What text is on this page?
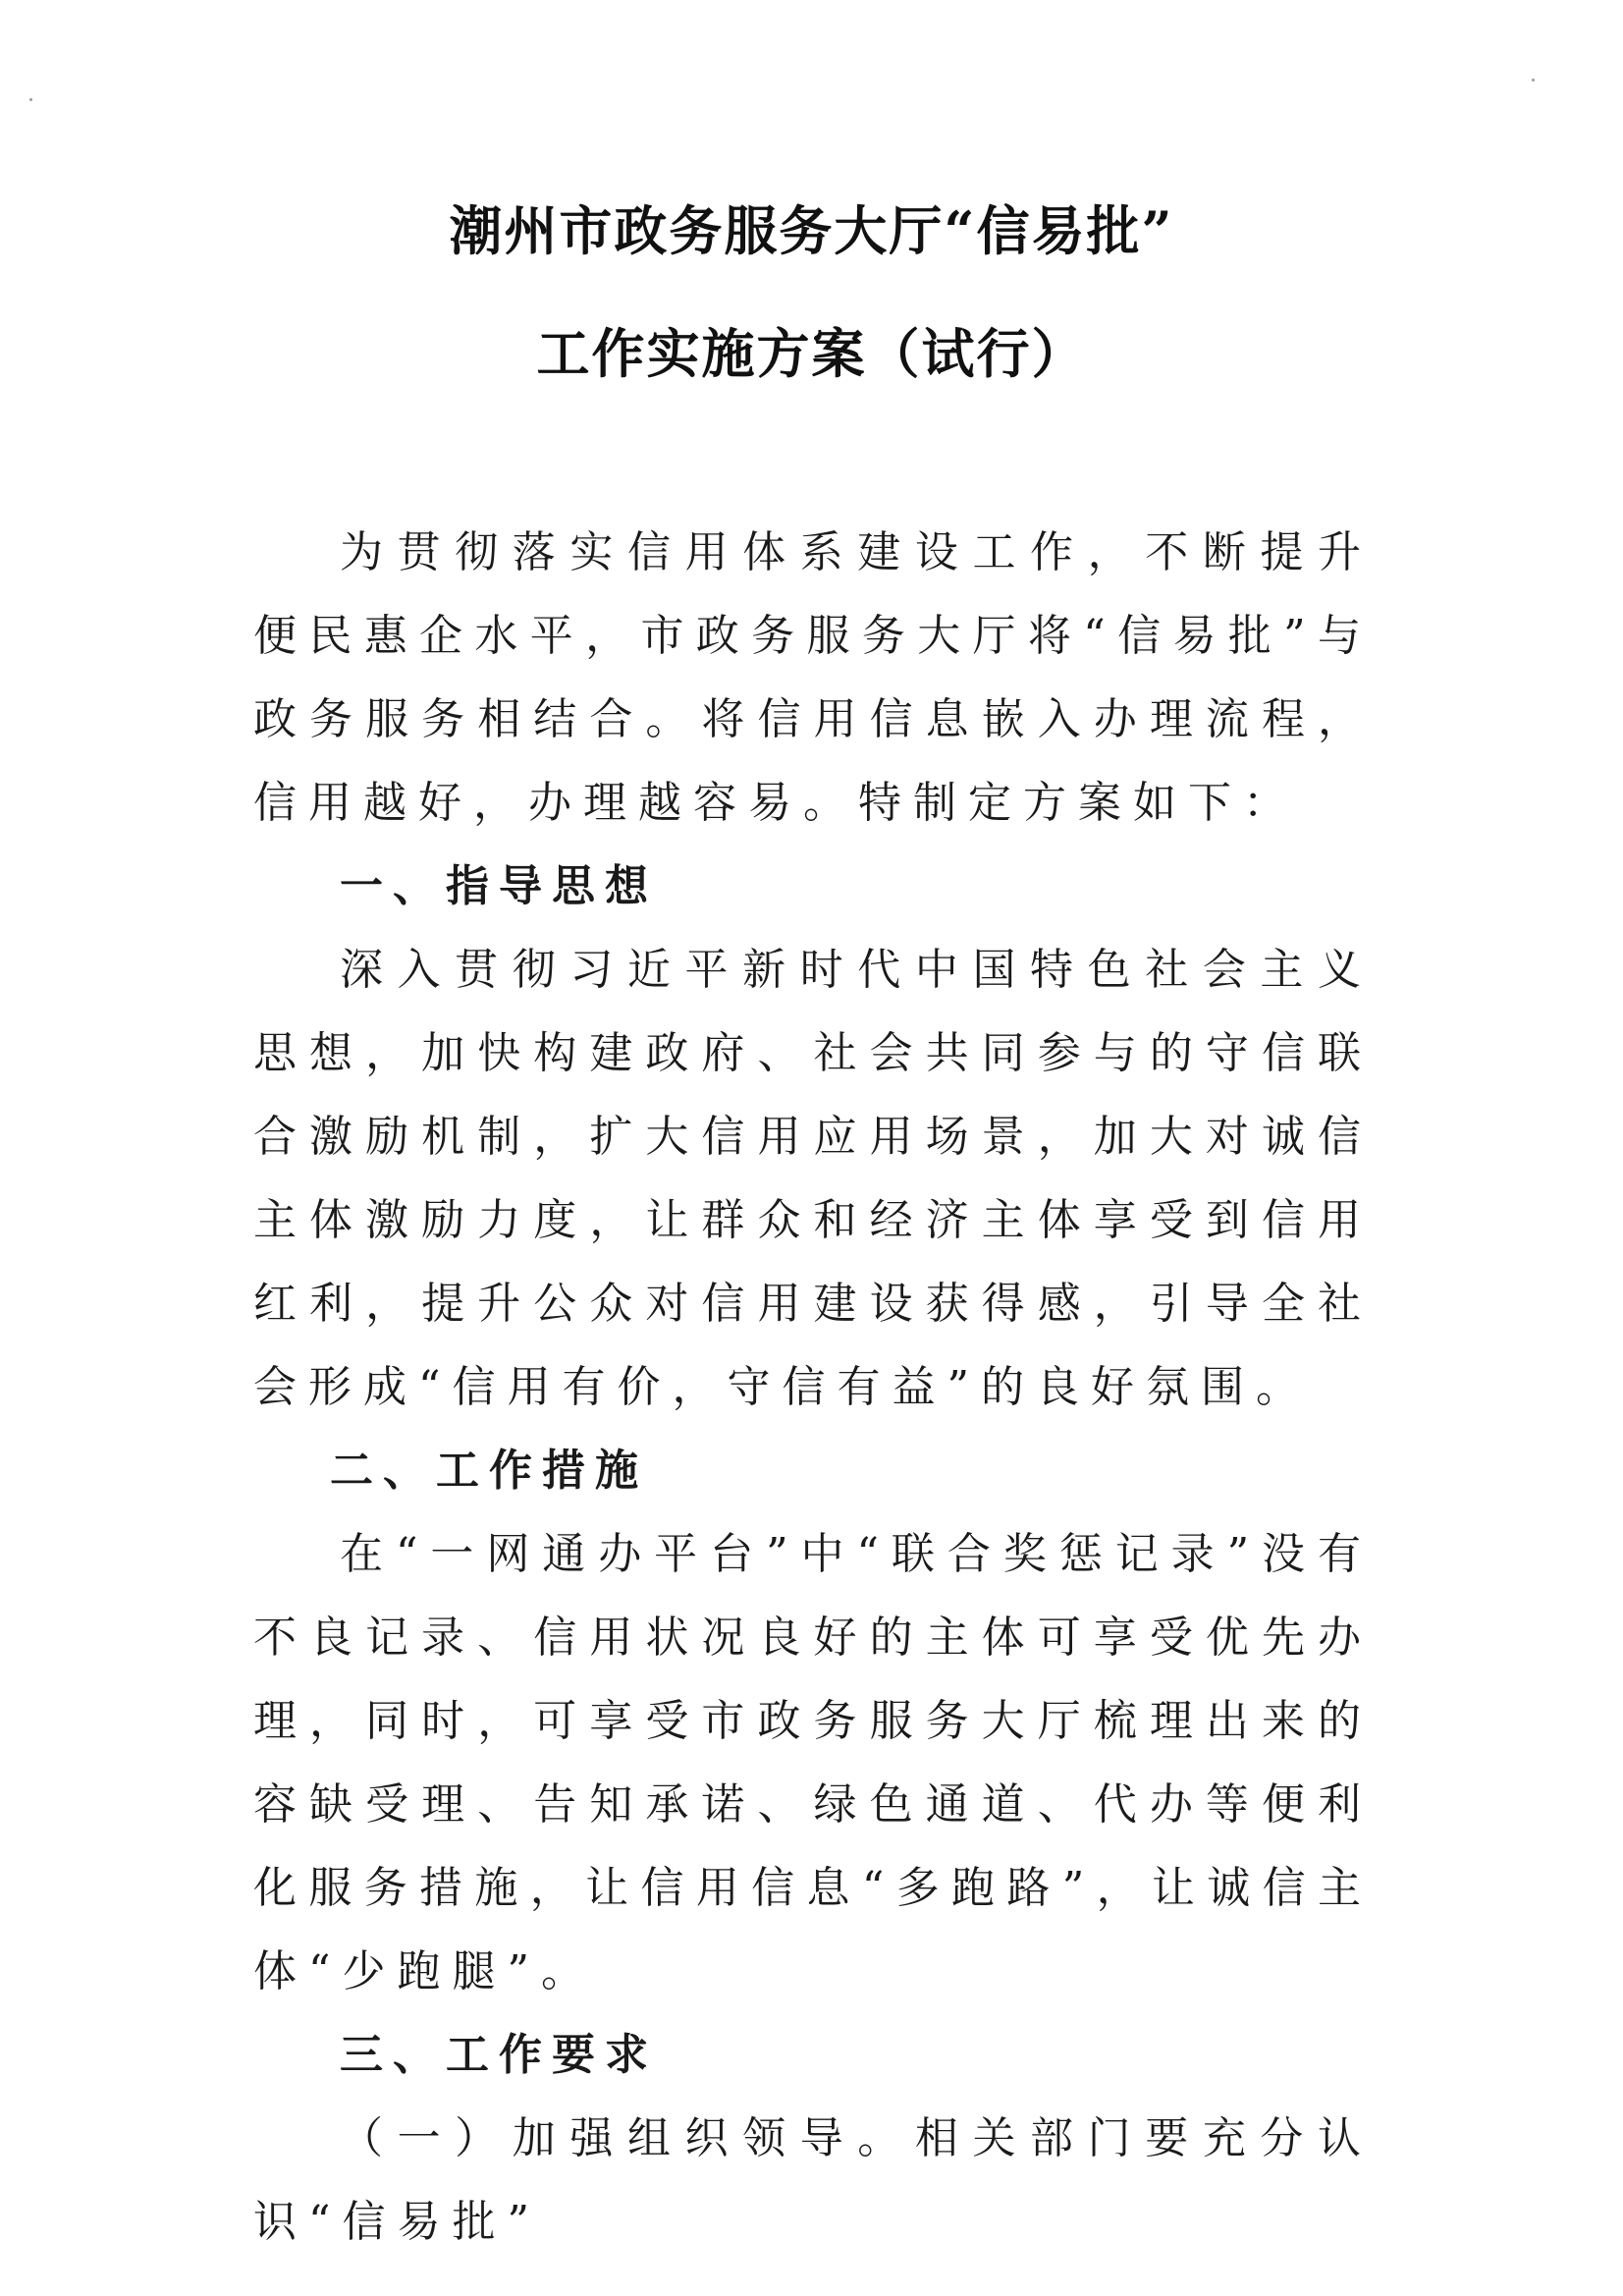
潮州市政务服务大厅“信易批”
工作实施方案（试行）

为贯彻落实信用体系建设工作，不断提升便民惠企水平，市政务服务大厅将“信易批”与政务服务相结合。将信用信息嵌入办理流程，信用越好，办理越容易。特制定方案如下：

一、指导思想

深入贯彻习近平新时代中国特色社会主义思想，加快构建政府、社会共同参与的守信联合激励机制，扩大信用应用场景，加大对诚信主体激励力度，让群众和经济主体享受到信用红利，提升公众对信用建设获得感，引导全社会形成“信用有价，守信有益”的良好氛围。

二、工作措施

在“一网通办平台”中“联合奖惩记录”没有不良记录、信用状况良好的主体可享受优先办理，同时，可享受市政务服务大厅梳理出来的容缺受理、告知承诺、绿色通道、代办等便利化服务措施，让信用信息“多跑路”，让诚信主体“少跑腿”。

三、工作要求

（一）加强组织领导。相关部门要充分认识“信易批”
